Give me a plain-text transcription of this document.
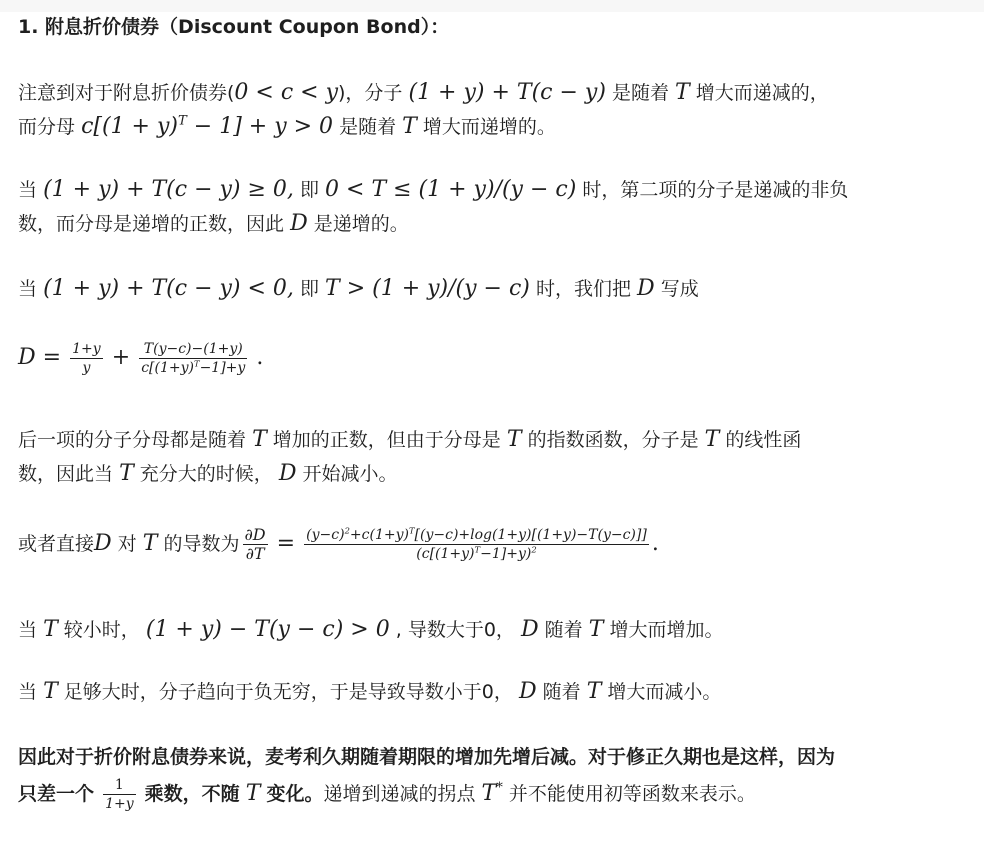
1. 附息折价债券（Discount Coupon Bond）：
注意到对于附息折价债券(0 < c < y)，分子 (1 + y) + T(c − y) 是随着 T 增大而递减的，
而分母 $c[(1 + y)^T - 1] + y > 0$ 是随着 T 增大而递增的。
当 (1 + y) + T(c − y) ≥ 0, 即 0 < T ≤ (1 + y)/(y − c) 时，第二项的分子是递减的非负
数，而分母是递增的正数，因此 D 是递增的。
当 (1 + y) + T(c − y) < 0, 即 T > (1 + y)/(y − c) 时，我们把 D 写成
$D = \frac{1+y}{y} + \frac{T(y-c)-(1+y)}{c[(1+y)^T-1]+y}$ .
后一项的分子分母都是随着 T 增加的正数，但由于分母是 T 的指数函数，分子是 T 的线性函
数，因此当 T 充分大的时候， D 开始减小。
或者直接D 对 T 的导数为 $\frac{\partial D}{\partial T} = \frac{(y-c)^2+c(1+y)^T[(y-c)+\log(1+y)[(1+y)-T(y-c)]]}{(c[(1+y)^T-1]+y)^2}$ .
当 T 较小时， (1 + y) − T(y − c) > 0 , 导数大于0， D 随着 T 增大而增加。
当 T 足够大时，分子趋向于负无穷，于是导致导数小于0， D 随着 T 增大而减小。
因此对于折价附息债券来说，麦考利久期随着期限的增加先增后减。对于修正久期也是这样，因为
只差一个 $\frac{1}{1+y}$ 乘数，不随 T 变化。递增到递减的拐点 T* 并不能使用初等函数来表示。
